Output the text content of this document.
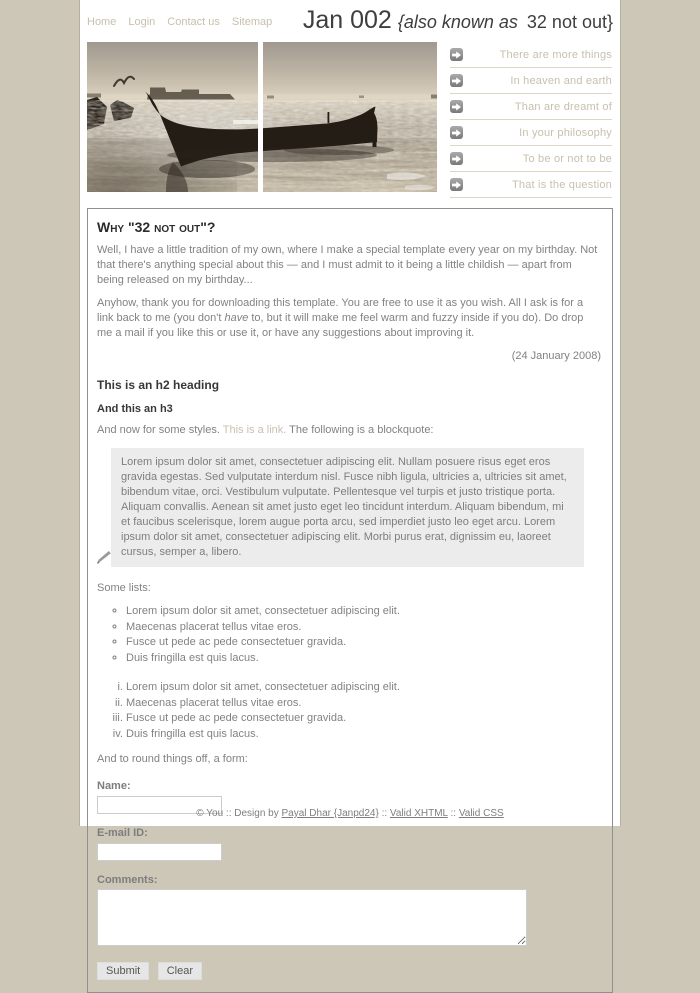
Home Login Contact us Sitemap	Jan 002 {also known as 32 not out}
There are more things
In heaven and earth
Than are dreamt of
In your philosophy
To be or not to be
That is the question
Why "32 not out"?

Well, I have a little tradition of my own, where I make a special template every year on my birthday. Not that there's anything special about this — and I must admit to it being a little childish — apart from being released on my birthday...

Anyhow, thank you for downloading this template. You are free to use it as you wish. All I ask is for a link back to me (you don't have to, but it will make me feel warm and fuzzy inside if you do). Do drop me a mail if you like this or use it, or have any suggestions about improving it.

(24 January 2008)

This is an h2 heading
And this an h3

And now for some styles. This is a link. The following is a blockquote:

Lorem ipsum dolor sit amet, consectetuer adipiscing elit. Nullam posuere risus eget eros gravida egestas. Sed vulputate interdum nisl. Fusce nibh ligula, ultricies a, ultricies sit amet, bibendum vitae, orci. Vestibulum vulputate. Pellentesque vel turpis et justo tristique porta. Aliquam convallis. Aenean sit amet justo eget leo tincidunt interdum. Aliquam bibendum, mi et faucibus scelerisque, lorem augue porta arcu, sed imperdiet justo leo eget arcu. Lorem ipsum dolor sit amet, consectetuer adipiscing elit. Morbi purus erat, dignissim eu, laoreet cursus, semper a, libero.

Some lists:

◦ Lorem ipsum dolor sit amet, consectetuer adipiscing elit.
◦ Maecenas placerat tellus vitae eros.
◦ Fusce ut pede ac pede consectetuer gravida.
◦ Duis fringilla est quis lacus.
i. Lorem ipsum dolor sit amet, consectetuer adipiscing elit.
ii. Maecenas placerat tellus vitae eros.
iii. Fusce ut pede ac pede consectetuer gravida.
iv. Duis fringilla est quis lacus.

And to round things off, a form:

Name:
E-mail ID:
Comments:
Submit Clear
© You :: Design by Payal Dhar {Janpd24} :: Valid XHTML :: Valid CSS
